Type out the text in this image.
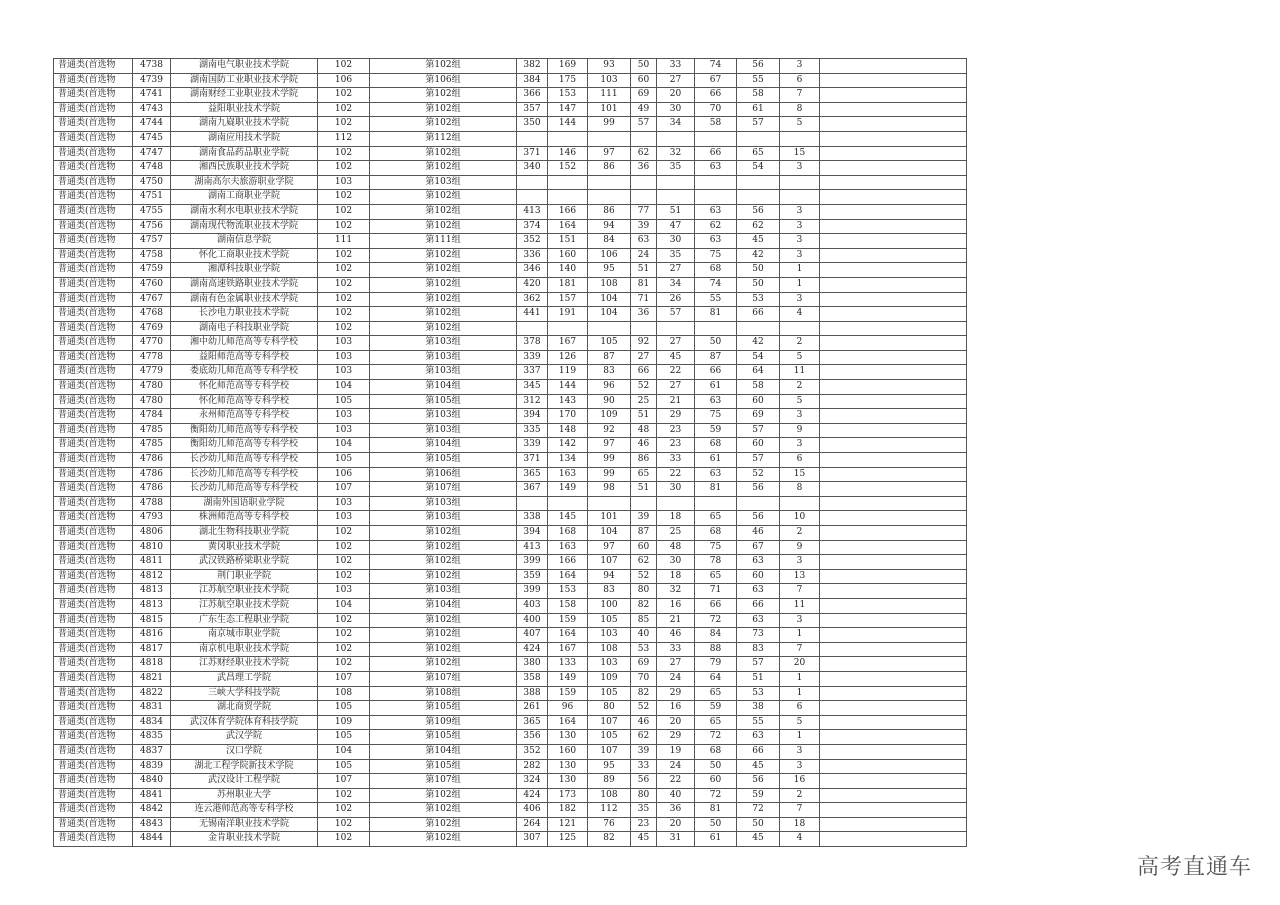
普通类(首选物	4738	湖南电气职业技术学院	102	第102组	382	169	93	50	33	74	56	3	
普通类(首选物	4739	湖南国防工业职业技术学院	106	第106组	384	175	103	60	27	67	55	6	
普通类(首选物	4741	湖南财经工业职业技术学院	102	第102组	366	153	111	69	20	66	58	7	
普通类(首选物	4743	益阳职业技术学院	102	第102组	357	147	101	49	30	70	61	8	
普通类(首选物	4744	湖南九嶷职业技术学院	102	第102组	350	144	99	57	34	58	57	5	
普通类(首选物	4745	湖南应用技术学院	112	第112组									
普通类(首选物	4747	湖南食品药品职业学院	102	第102组	371	146	97	62	32	66	65	15	
普通类(首选物	4748	湘西民族职业技术学院	102	第102组	340	152	86	36	35	63	54	3	
普通类(首选物	4750	湖南高尔夫旅游职业学院	103	第103组									
普通类(首选物	4751	湖南工商职业学院	102	第102组									
普通类(首选物	4755	湖南水利水电职业技术学院	102	第102组	413	166	86	77	51	63	56	3	
普通类(首选物	4756	湖南现代物流职业技术学院	102	第102组	374	164	94	39	47	62	62	3	
普通类(首选物	4757	湖南信息学院	111	第111组	352	151	84	63	30	63	45	3	
普通类(首选物	4758	怀化工商职业技术学院	102	第102组	336	160	106	24	35	75	42	3	
普通类(首选物	4759	湘潭科技职业学院	102	第102组	346	140	95	51	27	68	50	1	
普通类(首选物	4760	湖南高速铁路职业技术学院	102	第102组	420	181	108	81	34	74	50	1	
普通类(首选物	4767	湖南有色金属职业技术学院	102	第102组	362	157	104	71	26	55	53	3	
普通类(首选物	4768	长沙电力职业技术学院	102	第102组	441	191	104	36	57	81	66	4	
普通类(首选物	4769	湖南电子科技职业学院	102	第102组									
普通类(首选物	4770	湘中幼儿师范高等专科学校	103	第103组	378	167	105	92	27	50	42	2	
普通类(首选物	4778	益阳师范高等专科学校	103	第103组	339	126	87	27	45	87	54	5	
普通类(首选物	4779	娄底幼儿师范高等专科学校	103	第103组	337	119	83	66	22	66	64	11	
普通类(首选物	4780	怀化师范高等专科学校	104	第104组	345	144	96	52	27	61	58	2	
普通类(首选物	4780	怀化师范高等专科学校	105	第105组	312	143	90	25	21	63	60	5	
普通类(首选物	4784	永州师范高等专科学校	103	第103组	394	170	109	51	29	75	69	3	
普通类(首选物	4785	衡阳幼儿师范高等专科学校	103	第103组	335	148	92	48	23	59	57	9	
普通类(首选物	4785	衡阳幼儿师范高等专科学校	104	第104组	339	142	97	46	23	68	60	3	
普通类(首选物	4786	长沙幼儿师范高等专科学校	105	第105组	371	134	99	86	33	61	57	6	
普通类(首选物	4786	长沙幼儿师范高等专科学校	106	第106组	365	163	99	65	22	63	52	15	
普通类(首选物	4786	长沙幼儿师范高等专科学校	107	第107组	367	149	98	51	30	81	56	8	
普通类(首选物	4788	湖南外国语职业学院	103	第103组									
普通类(首选物	4793	株洲师范高等专科学校	103	第103组	338	145	101	39	18	65	56	10	
普通类(首选物	4806	湖北生物科技职业学院	102	第102组	394	168	104	87	25	68	46	2	
普通类(首选物	4810	黄冈职业技术学院	102	第102组	413	163	97	60	48	75	67	9	
普通类(首选物	4811	武汉铁路桥梁职业学院	102	第102组	399	166	107	62	30	78	63	3	
普通类(首选物	4812	荆门职业学院	102	第102组	359	164	94	52	18	65	60	13	
普通类(首选物	4813	江苏航空职业技术学院	103	第103组	399	153	83	80	32	71	63	7	
普通类(首选物	4813	江苏航空职业技术学院	104	第104组	403	158	100	82	16	66	66	11	
普通类(首选物	4815	广东生态工程职业学院	102	第102组	400	159	105	85	21	72	63	3	
普通类(首选物	4816	南京城市职业学院	102	第102组	407	164	103	40	46	84	73	1	
普通类(首选物	4817	南京机电职业技术学院	102	第102组	424	167	108	53	33	88	83	7	
普通类(首选物	4818	江苏财经职业技术学院	102	第102组	380	133	103	69	27	79	57	20	
普通类(首选物	4821	武昌理工学院	107	第107组	358	149	109	70	24	64	51	1	
普通类(首选物	4822	三峡大学科技学院	108	第108组	388	159	105	82	29	65	53	1	
普通类(首选物	4831	湖北商贸学院	105	第105组	261	96	80	52	16	59	38	6	
普通类(首选物	4834	武汉体育学院体育科技学院	109	第109组	365	164	107	46	20	65	55	5	
普通类(首选物	4835	武汉学院	105	第105组	356	130	105	62	29	72	63	1	
普通类(首选物	4837	汉口学院	104	第104组	352	160	107	39	19	68	66	3	
普通类(首选物	4839	湖北工程学院新技术学院	105	第105组	282	130	95	33	24	50	45	3	
普通类(首选物	4840	武汉设计工程学院	107	第107组	324	130	89	56	22	60	56	16	
普通类(首选物	4841	苏州职业大学	102	第102组	424	173	108	80	40	72	59	2	
普通类(首选物	4842	连云港师范高等专科学校	102	第102组	406	182	112	35	36	81	72	7	
普通类(首选物	4843	无锡南洋职业技术学院	102	第102组	264	121	76	23	20	50	50	18	
普通类(首选物	4844	金肯职业技术学院	102	第102组	307	125	82	45	31	61	45	4	
高考直通车
